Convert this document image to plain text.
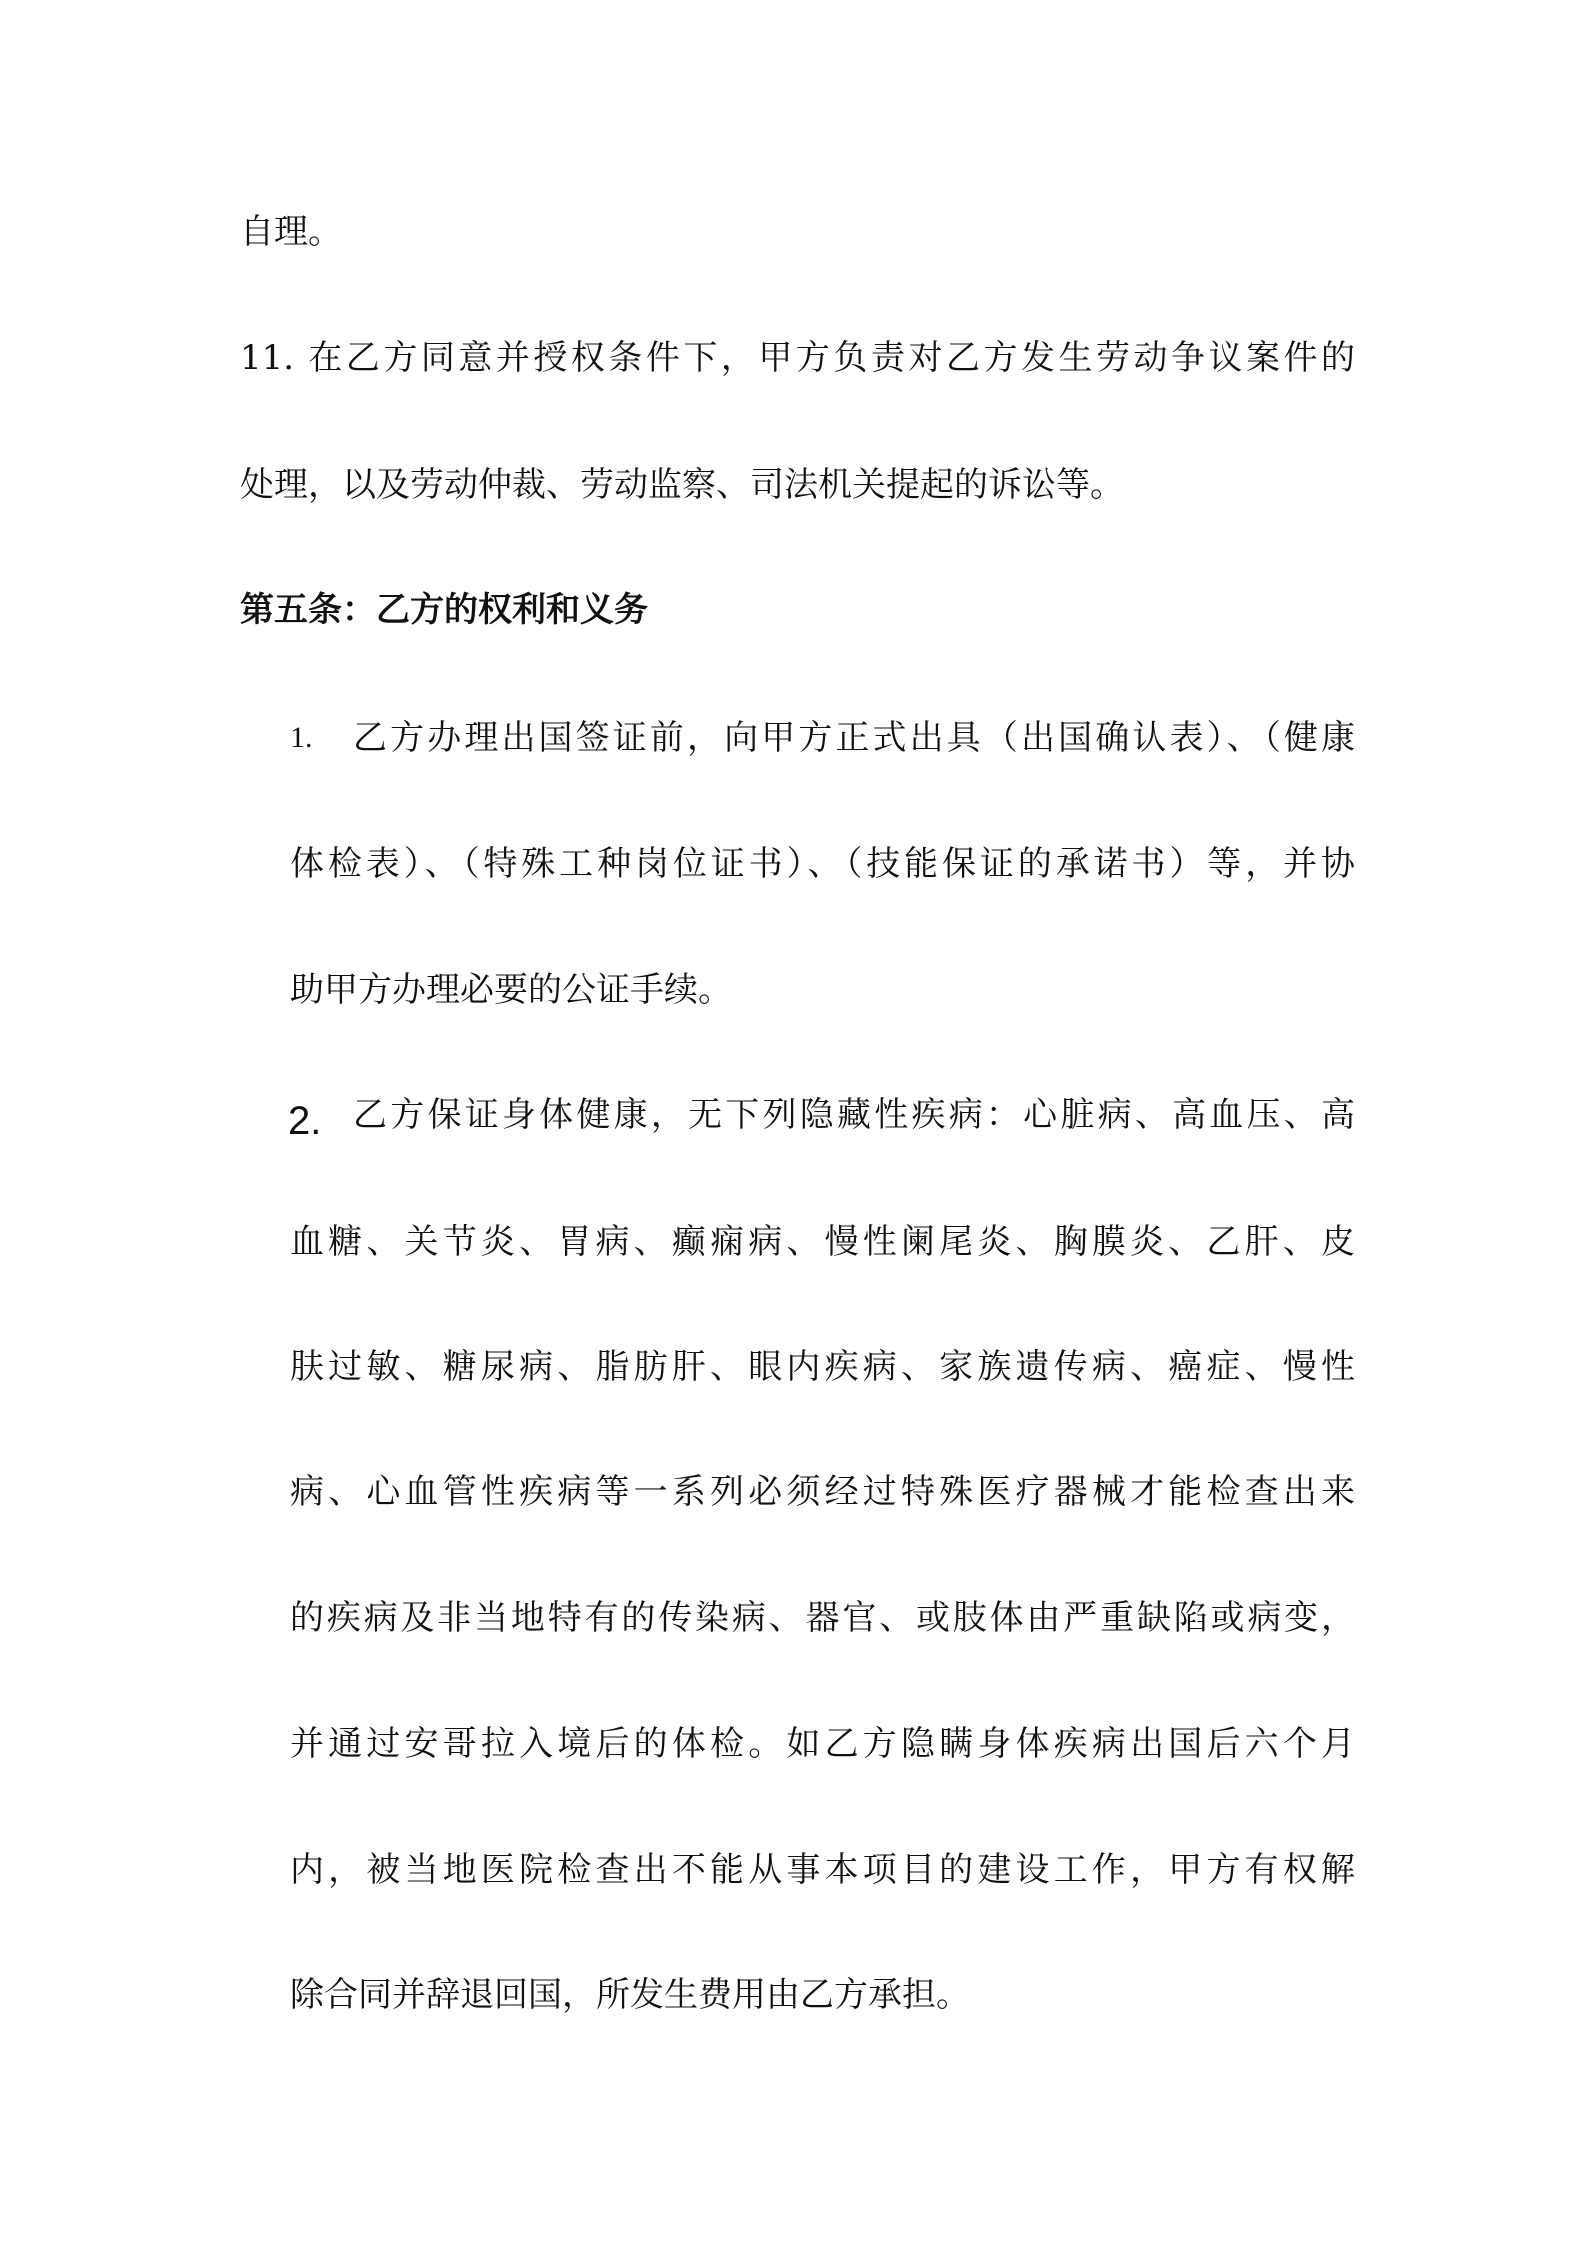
自理。
11. 在乙方同意并授权条件下，甲方负责对乙方发生劳动争议案件的
处理，以及劳动仲裁、劳动监察、司法机关提起的诉讼等。
第五条：乙方的权利和义务
1. 乙方办理出国签证前，向甲方正式出具（出国确认表）、（健康
体检表）、（特殊工种岗位证书）、（技能保证的承诺书）等，并协
助甲方办理必要的公证手续。
2. 乙方保证身体健康，无下列隐藏性疾病：心脏病、高血压、高
血糖、关节炎、胃病、癫痫病、慢性阑尾炎、胸膜炎、乙肝、皮
肤过敏、糖尿病、脂肪肝、眼内疾病、家族遗传病、癌症、慢性
病、心血管性疾病等一系列必须经过特殊医疗器械才能检查出来
的疾病及非当地特有的传染病、器官、或肢体由严重缺陷或病变，
并通过安哥拉入境后的体检。如乙方隐瞒身体疾病出国后六个月
内，被当地医院检查出不能从事本项目的建设工作，甲方有权解
除合同并辞退回国，所发生费用由乙方承担。
